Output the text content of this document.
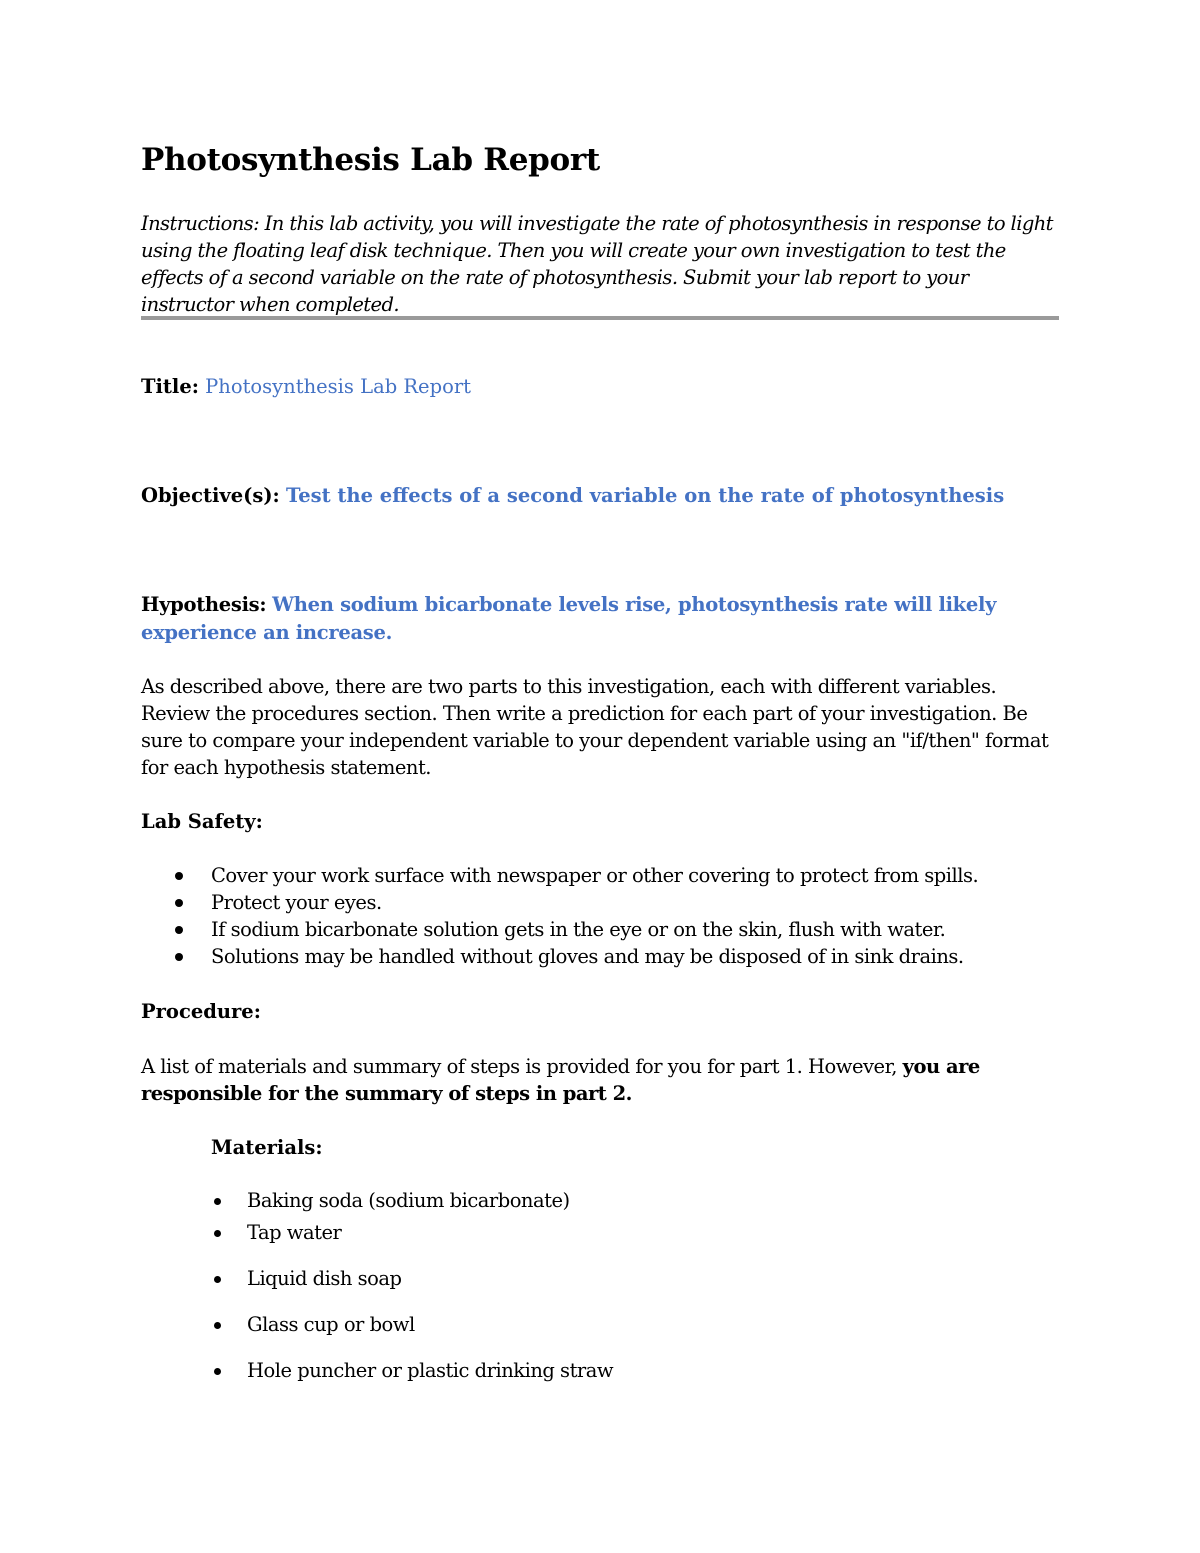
Photosynthesis Lab Report

Instructions: In this lab activity, you will investigate the rate of photosynthesis in response to light using the floating leaf disk technique. Then you will create your own investigation to test the effects of a second variable on the rate of photosynthesis. Submit your lab report to your instructor when completed.

Title: Photosynthesis Lab Report

Objective(s): Test the effects of a second variable on the rate of photosynthesis

Hypothesis: When sodium bicarbonate levels rise, photosynthesis rate will likely experience an increase.

As described above, there are two parts to this investigation, each with different variables. Review the procedures section. Then write a prediction for each part of your investigation. Be sure to compare your independent variable to your dependent variable using an "if/then" format for each hypothesis statement.

Lab Safety:

Cover your work surface with newspaper or other covering to protect from spills.
Protect your eyes.
If sodium bicarbonate solution gets in the eye or on the skin, flush with water.
Solutions may be handled without gloves and may be disposed of in sink drains.

Procedure:

A list of materials and summary of steps is provided for you for part 1. However, you are responsible for the summary of steps in part 2.

Materials:

Baking soda (sodium bicarbonate)
Tap water
Liquid dish soap
Glass cup or bowl
Hole puncher or plastic drinking straw
